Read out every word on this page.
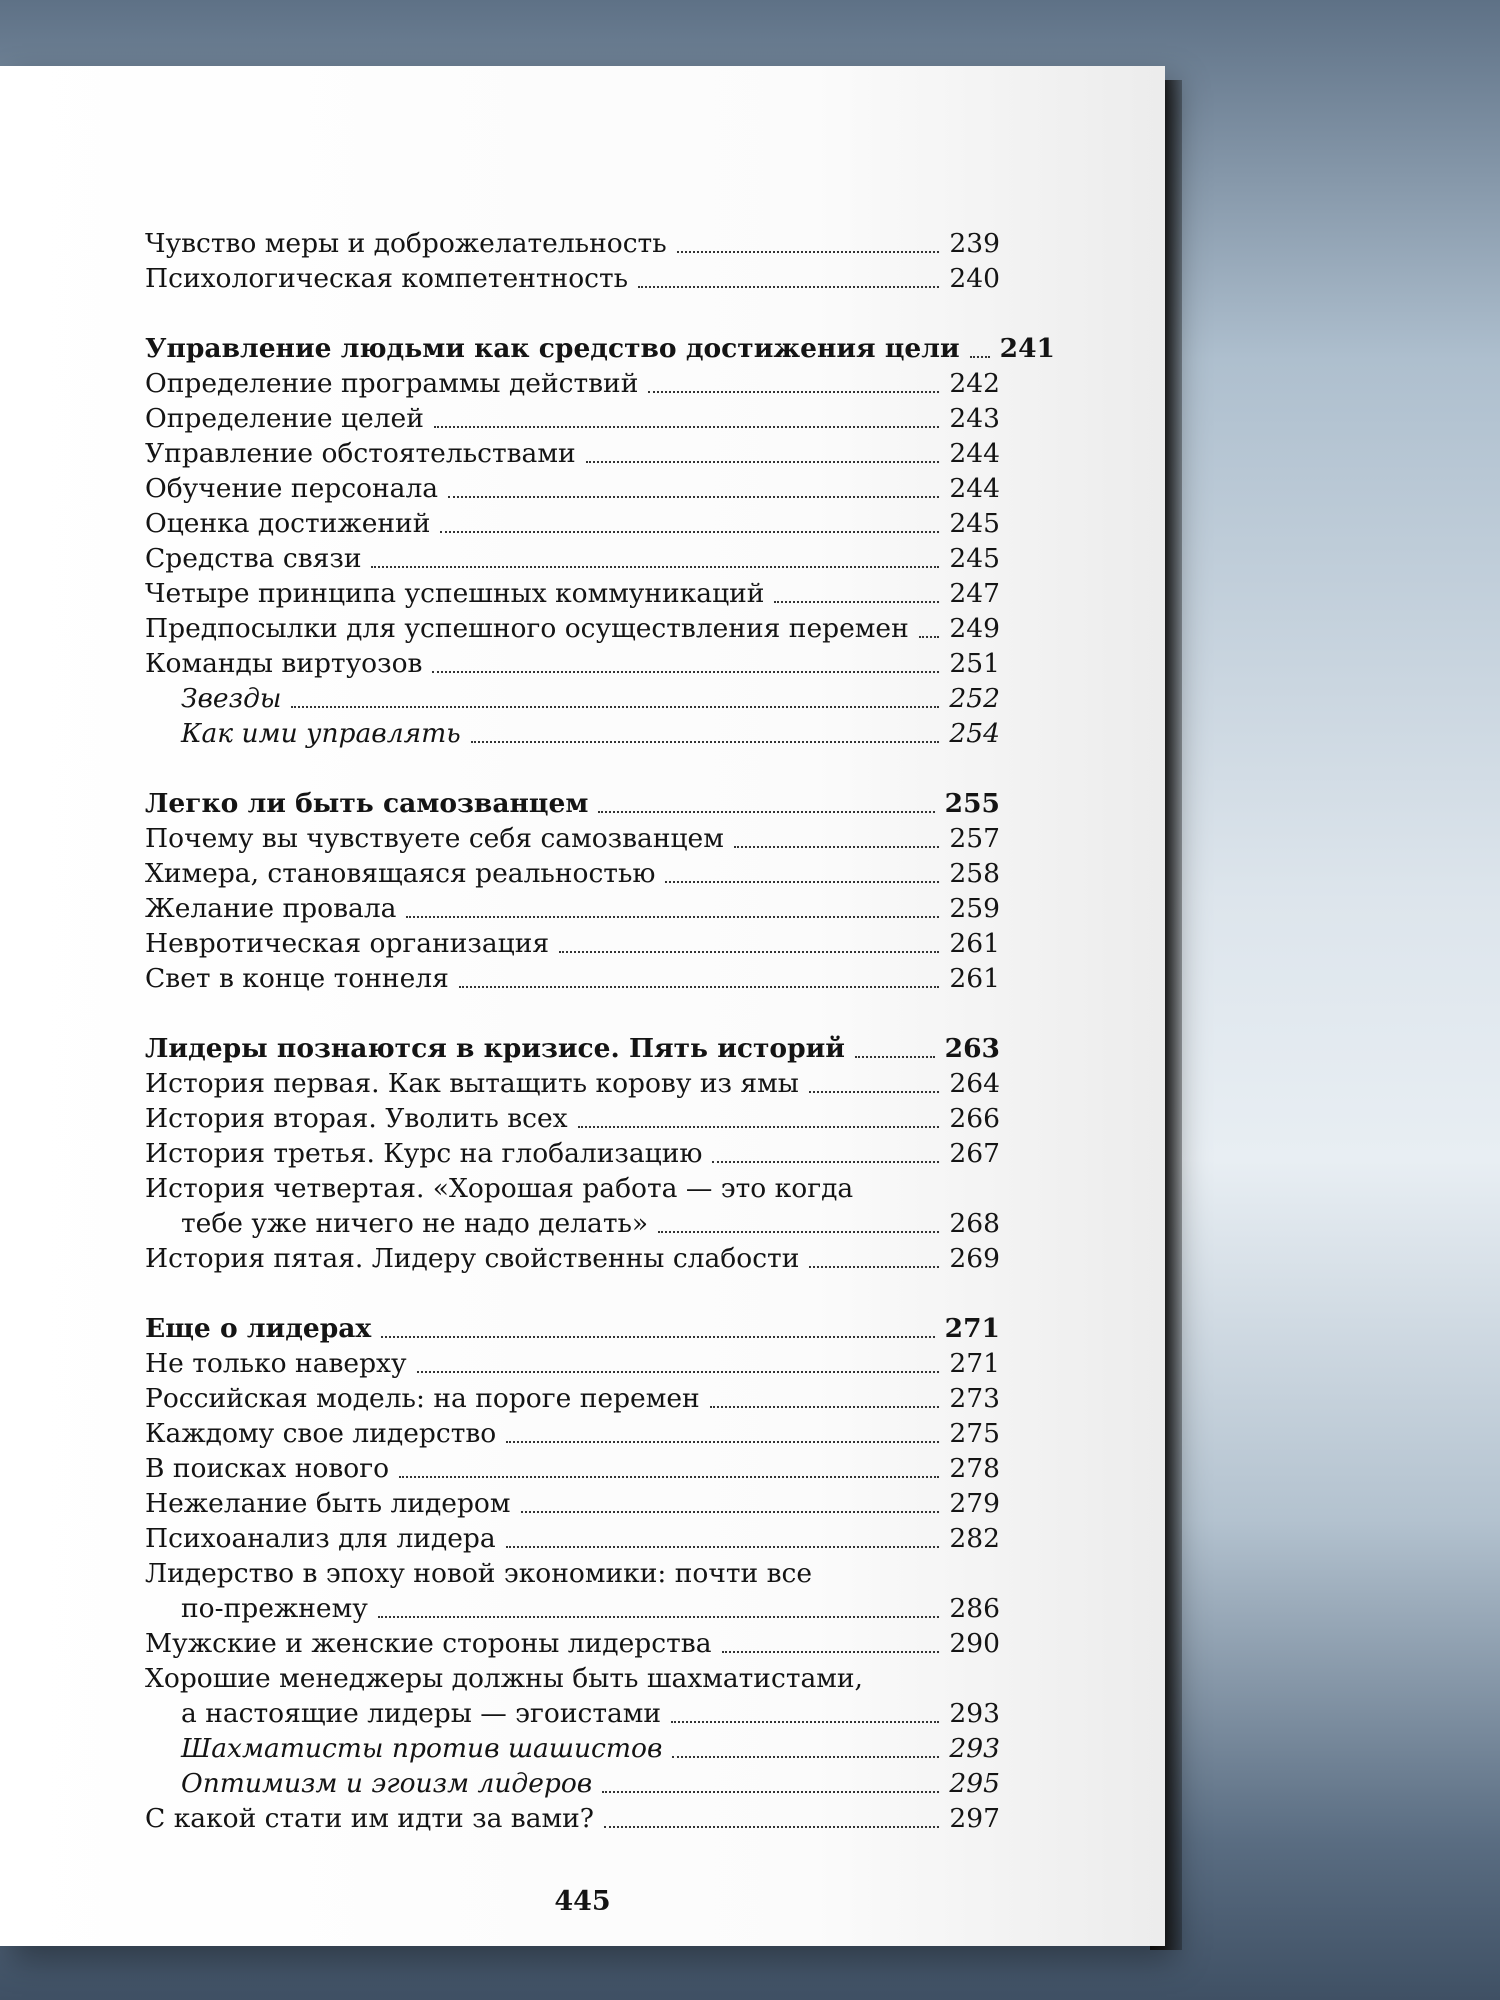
Чувство меры и доброжелательность	239
Психологическая компетентность	240
Управление людьми как средство достижения цели 241
Определение программы действий	242
Определение целей	243
Управление обстоятельствами	244
Обучение персонала	244
Оценка достижений	245
Средства связи	245
Четыре принципа успешных коммуникаций	247
Предпосылки для успешного осуществления перемен 249
Команды виртуозов	251
Звезды	252
Как ими управлять	254
Легко ли быть самозванцем	255
Почему вы чувствуете себя самозванцем	257
Химера, становящаяся реальностью	258
Желание провала	259
Невротическая организация	261
Свет в конце тоннеля	261
Лидеры познаются в кризисе. Пять историй	263
История первая. Как вытащить корову из ямы	264
История вторая. Уволить всех	266
История третья. Курс на глобализацию	267
История четвертая. «Хорошая работа — это когда
тебе уже ничего не надо делать»	268
История пятая. Лидеру свойственны слабости	269
Еще о лидерах	271
Не только наверху	271
Российская модель: на пороге перемен	273
Каждому свое лидерство	275
В поисках нового	278
Нежелание быть лидером	279
Психоанализ для лидера	282
Лидерство в эпоху новой экономики: почти все
по-прежнему	286
Мужские и женские стороны лидерства	290
Хорошие менеджеры должны быть шахматистами,
а настоящие лидеры — эгоистами	293
Шахматисты против шашистов	293
Оптимизм и эгоизм лидеров	295
С какой стати им идти за вами?	297
445
